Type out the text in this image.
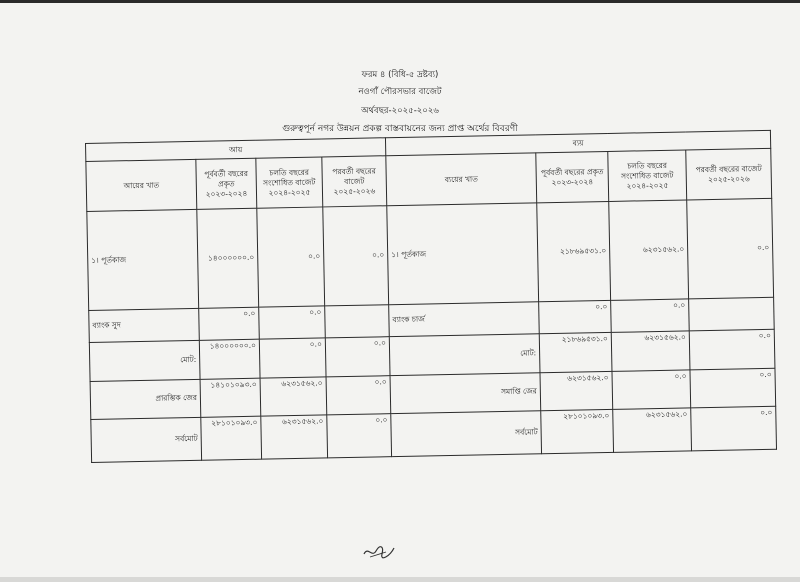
ফরম ৪ (বিধি-৫ দ্রষ্টব্য)
নওগাঁ পৌরসভার বাজেট
অর্থবছর-২০২৫-২০২৬
গুরুত্বপূর্ন নগর উন্নয়ন প্রকল্প বাস্তবায়নের জন্য প্রাপ্ত অর্থের বিবরণী
আয়				ব্যয়			
আয়ের খাত	পূর্ববর্তী বছরের প্রকৃত ২০২৩-২০২৪	চলতি বছরের সংশোধিত বাজেট ২০২৪-২০২৫	পরবর্তী বছরের বাজেট ২০২৫-২০২৬	ব্যয়ের খাত	পূর্ববর্তী বছরের প্রকৃত ২০২৩-২০২৪	চলতি বছরের সংশোধিত বাজেট ২০২৪-২০২৫	পরবর্তী বছরের বাজেট ২০২৫-২০২৬
১। পূর্তকাজ	১৪০০০০০০.০	০.০	০.০	১। পূর্তকাজ	২১৮৬৯৫৩১.০	৬২৩১৫৬২.০	০.০
ব্যাংক সুদ	০.০	০.০		ব্যাংক চার্জ	০.০	০.০	
মোট:	১৪০০০০০০.০	০.০	০.০	মোট:	২১৮৬৯৫৩১.০	৬২৩১৫৬২.০	০.০
প্রারম্ভিক জের	১৪১০১০৯৩.০	৬২৩১৫৬২.০	০.০	সমাপ্তি জের	৬২৩১৫৬২.০	০.০	০.০
সর্বমোট	২৮১০১০৯৩.০	৬২৩১৫৬২.০	০.০	সর্বমোট	২৮১০১০৯৩.০	৬২৩১৫৬২.০	০.০
